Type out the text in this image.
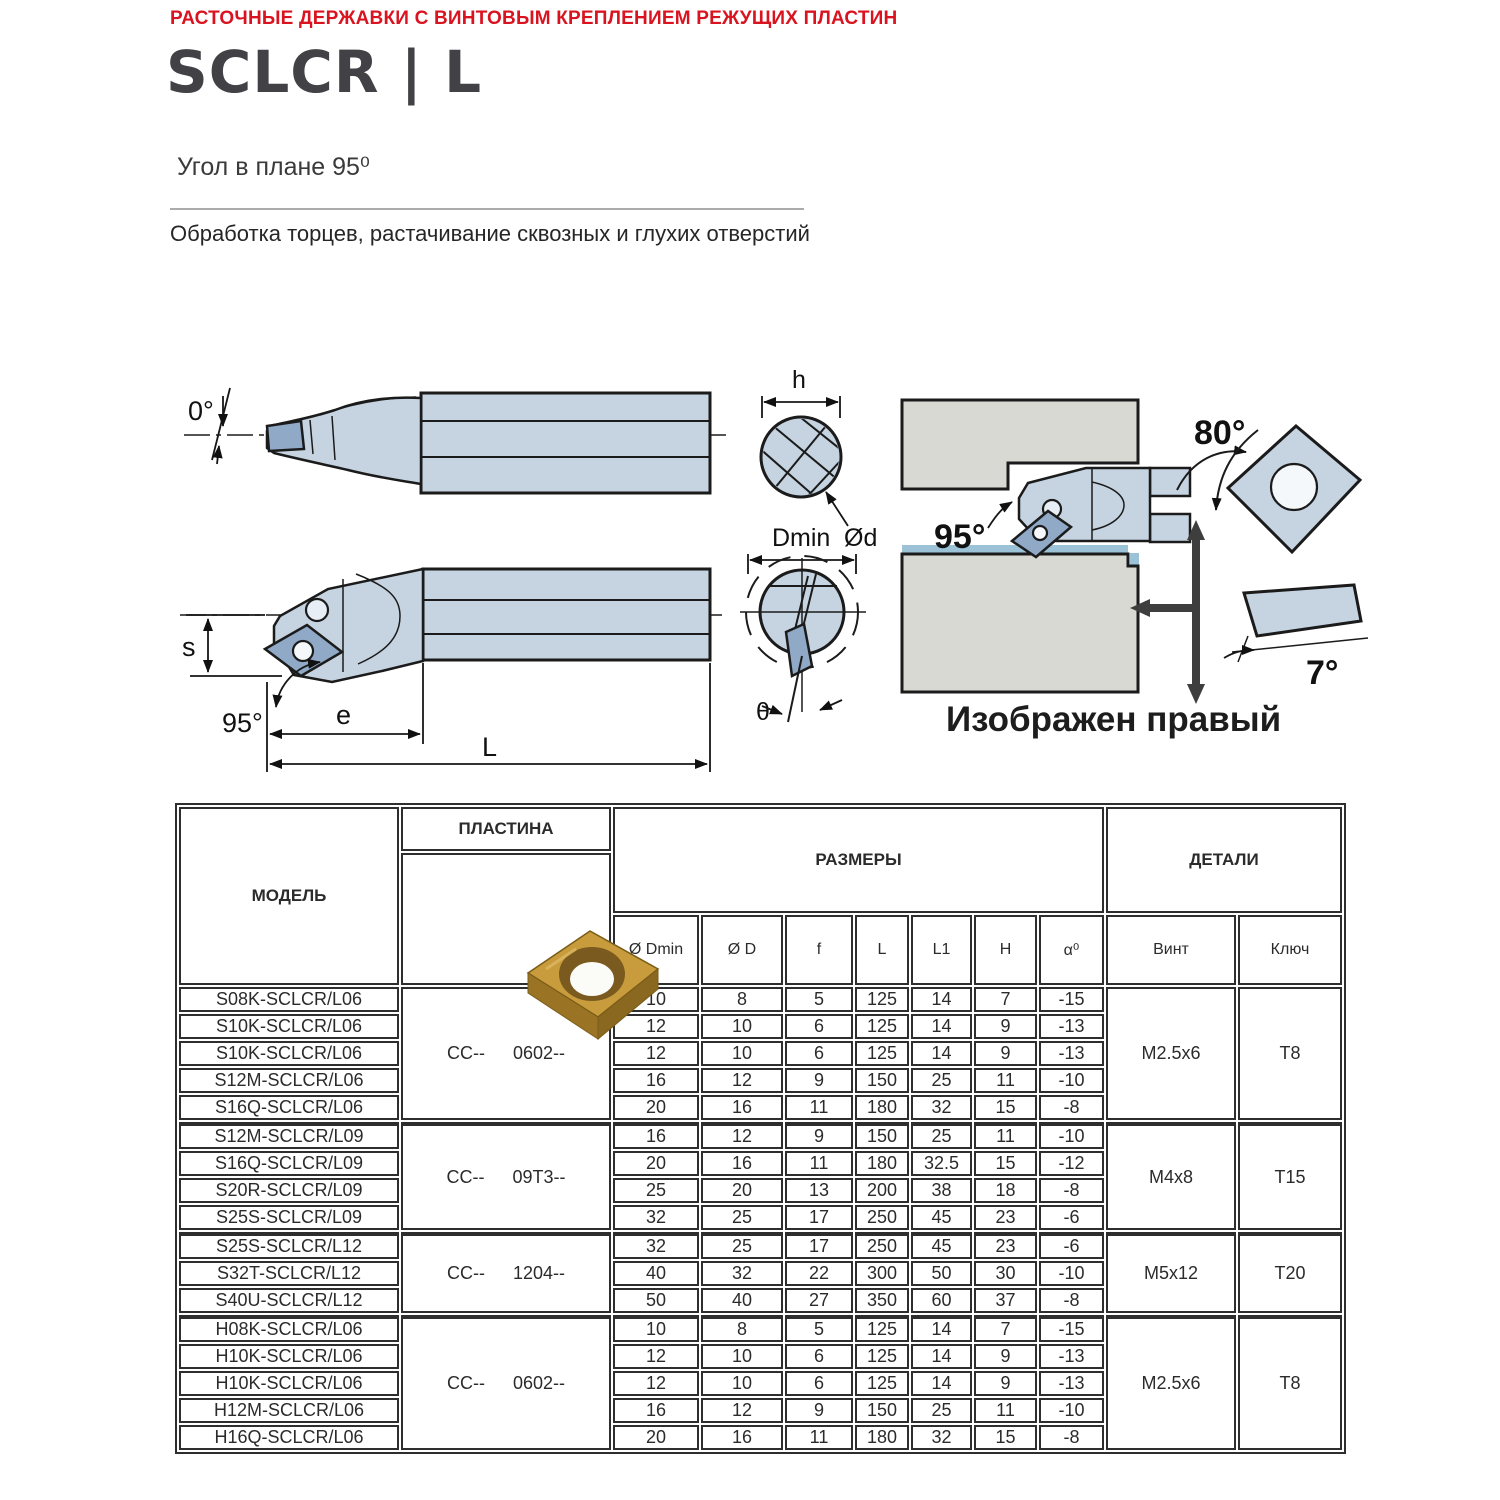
РАСТОЧНЫЕ ДЕРЖАВКИ С ВИНТОВЫМ КРЕПЛЕНИЕМ РЕЖУЩИХ ПЛАСТИН
SCLCR | L
Угол в плане 95⁰
Обработка торцев, растачивание сквозных и глухих отверстий
0°
s
95°	e
L
h
Ød
Dmin
θ
95°
80°
7°
Изображен правый
МОДЕЛЬ	ПЛАСТИНА	РАЗМЕРЫ							ДЕТАЛИ	

		Ø Dmin	Ø D	f	L	L1	H	α⁰	Винт	Ключ
S08K-SCLCR/L06	CC-- 0602--	10	8	5	125	14	7	-15	M2.5x6	T8
S10K-SCLCR/L06		12	10	6	125	14	9	-13		
S10K-SCLCR/L06		12	10	6	125	14	9	-13		
S12M-SCLCR/L06		16	12	9	150	25	11	-10		
S16Q-SCLCR/L06		20	16	11	180	32	15	-8		
S12M-SCLCR/L09	CC-- 09T3--	16	12	9	150	25	11	-10	M4x8	T15
S16Q-SCLCR/L09		20	16	11	180	32.5	15	-12		
S20R-SCLCR/L09		25	20	13	200	38	18	-8		
S25S-SCLCR/L09		32	25	17	250	45	23	-6		
S25S-SCLCR/L12	CC-- 1204--	32	25	17	250	45	23	-6	M5x12	T20
S32T-SCLCR/L12		40	32	22	300	50	30	-10		
S40U-SCLCR/L12		50	40	27	350	60	37	-8		
H08K-SCLCR/L06	CC-- 0602--	10	8	5	125	14	7	-15	M2.5x6	T8
H10K-SCLCR/L06		12	10	6	125	14	9	-13		
H10K-SCLCR/L06		12	10	6	125	14	9	-13		
H12M-SCLCR/L06		16	12	9	150	25	11	-10		
H16Q-SCLCR/L06		20	16	11	180	32	15	-8		
